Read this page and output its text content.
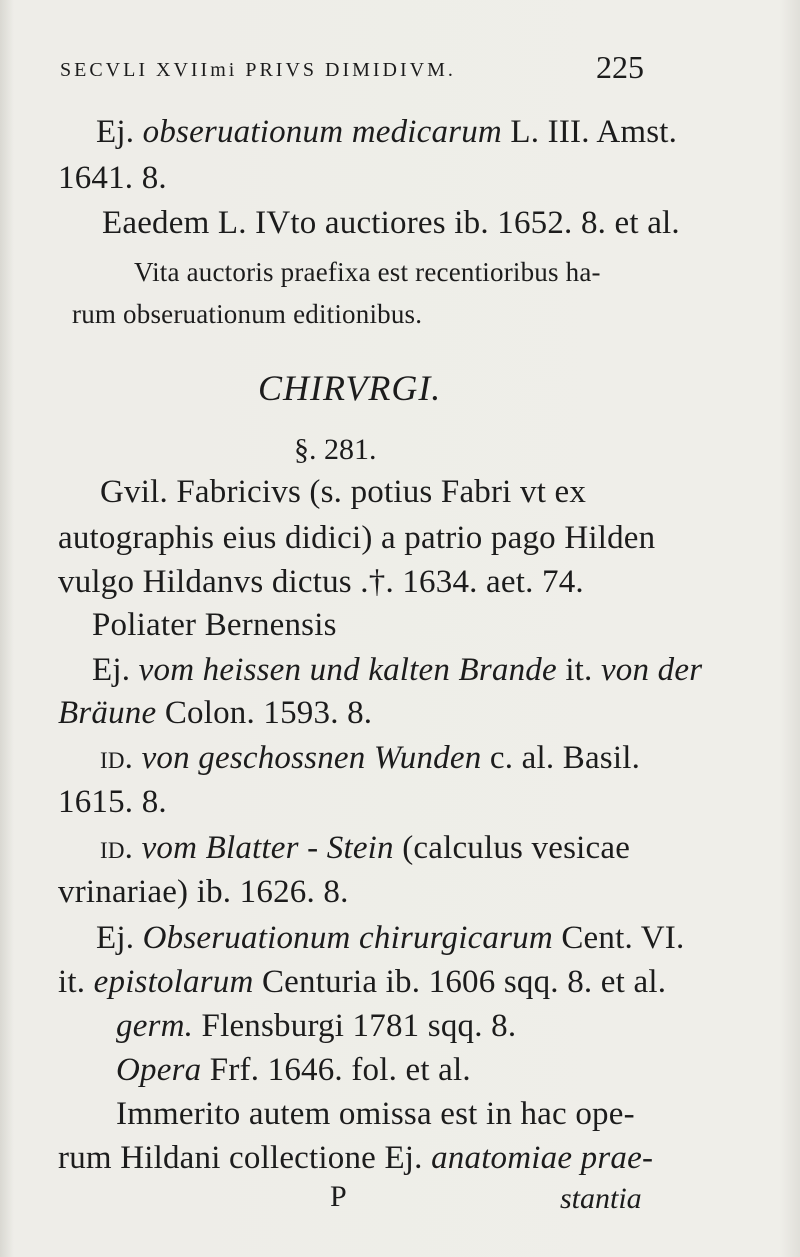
SECVLI XVIImi PRIVS DIMIDIVM.	225
Ej. obseruationum medicarum L. III. Amst.
1641. 8.
Eaedem L. IVto auctiores ib. 1652. 8. et al.
Vita auctoris praefixa est recentioribus ha-
rum obseruationum editionibus.
CHIRVRGI.
§. 281.
Gvil. Fabricivs (s. potius Fabri vt ex
autographis eius didici) a patrio pago Hilden
vulgo Hildanvs dictus .†. 1634. aet. 74.
Poliater Bernensis
Ej. vom heissen und kalten Brande it. von der
Bräune Colon. 1593. 8.
id. von geschossnen Wunden c. al. Basil.
1615. 8.
id. vom Blatter - Stein (calculus vesicae
vrinariae) ib. 1626. 8.
Ej. Obseruationum chirurgicarum Cent. VI.
it. epistolarum Centuria ib. 1606 sqq. 8. et al.
germ. Flensburgi 1781 sqq. 8.
Opera Frf. 1646. fol. et al.
Immerito autem omissa est in hac ope-
rum Hildani collectione Ej. anatomiae prae-
P	stantia
